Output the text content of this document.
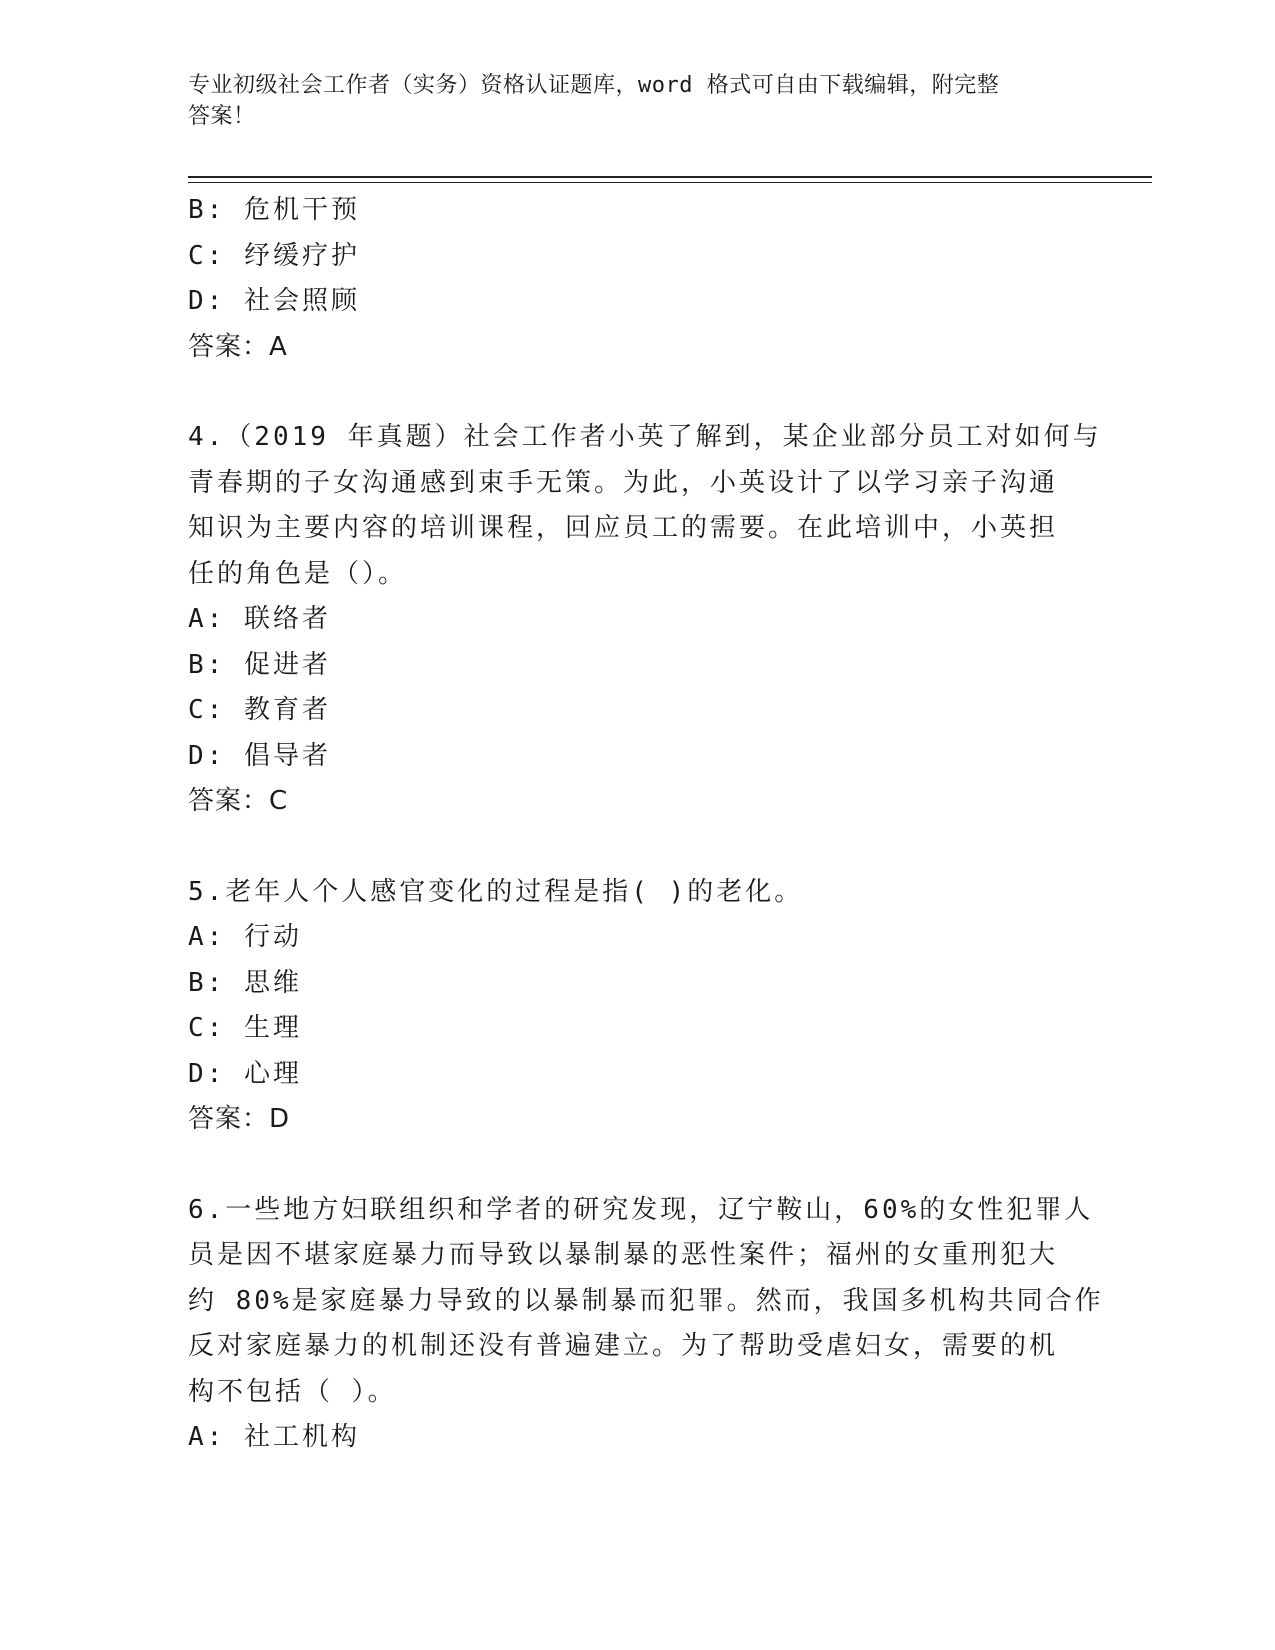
专业初级社会工作者（实务）资格认证题库，word 格式可自由下载编辑，附完整
答案！
B: 危机干预
C: 纾缓疗护
D: 社会照顾
答案：A
4.（2019 年真题）社会工作者小英了解到，某企业部分员工对如何与
青春期的子女沟通感到束手无策。为此，小英设计了以学习亲子沟通
知识为主要内容的培训课程，回应员工的需要。在此培训中，小英担
任的角色是（）。
A: 联络者
B: 促进者
C: 教育者
D: 倡导者
答案：C
5.老年人个人感官变化的过程是指( )的老化。
A: 行动
B: 思维
C: 生理
D: 心理
答案：D
6.一些地方妇联组织和学者的研究发现，辽宁鞍山，60%的女性犯罪人
员是因不堪家庭暴力而导致以暴制暴的恶性案件；福州的女重刑犯大
约 80%是家庭暴力导致的以暴制暴而犯罪。然而，我国多机构共同合作
反对家庭暴力的机制还没有普遍建立。为了帮助受虐妇女，需要的机
构不包括（ ）。
A: 社工机构
